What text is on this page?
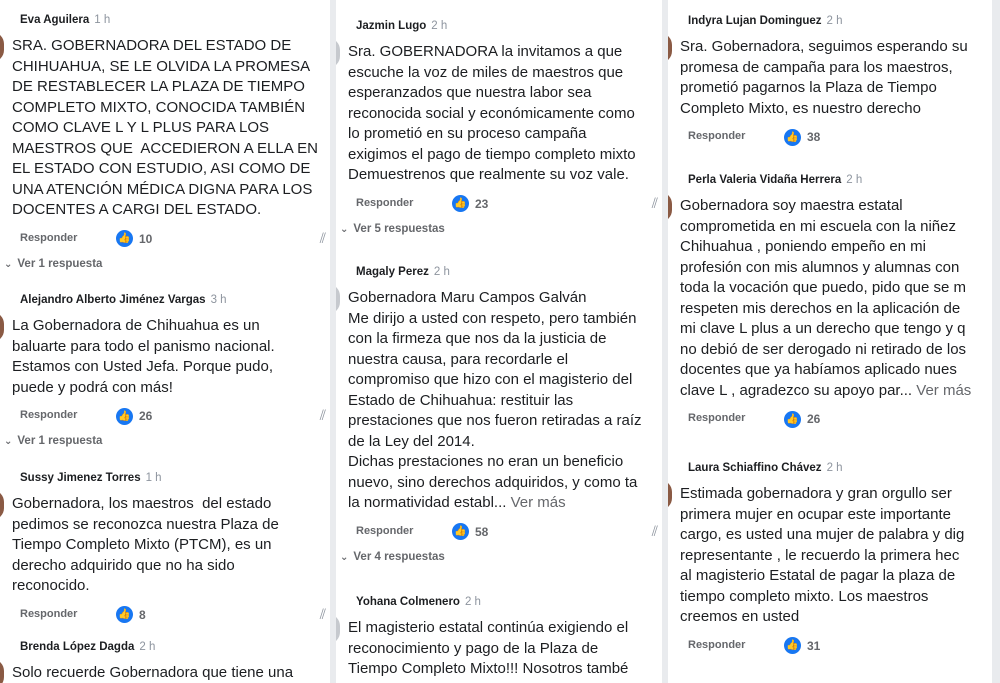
Eva Aguilera 1 h
SRA. GOBERNADORA DEL ESTADO DE
CHIHUAHUA, SE LE OLVIDA LA PROMESA
DE RESTABLECER LA PLAZA DE TIEMPO
COMPLETO MIXTO, CONOCIDA TAMBIÉN
COMO CLAVE L Y L PLUS PARA LOS
MAESTROS QUE  ACCEDIERON A ELLA EN
EL ESTADO CON ESTUDIO, ASI COMO DE
UNA ATENCIÓN MÉDICA DIGNA PARA LOS
DOCENTES A CARGI DEL ESTADO.
Responder	👍 10	⫽
⌄ Ver 1 respuesta
Alejandro Alberto Jiménez Vargas 3 h
La Gobernadora de Chihuahua es un
baluarte para todo el panismo nacional.
Estamos con Usted Jefa. Porque pudo,
puede y podrá con más!
Responder	👍 26	⫽
⌄ Ver 1 respuesta
Sussy Jimenez Torres 1 h
Gobernadora, los maestros  del estado
pedimos se reconozca nuestra Plaza de
Tiempo Completo Mixto (PTCM), es un
derecho adquirido que no ha sido
reconocido.
Responder	👍 8	⫽
Brenda López Dagda 2 h
Solo recuerde Gobernadora que tiene una
Jazmin Lugo 2 h
Sra. GOBERNADORA la invitamos a que
escuche la voz de miles de maestros que
esperanzados que nuestra labor sea
reconocida social y económicamente como
lo prometió en su proceso campaña
exigimos el pago de tiempo completo mixto
Demuestrenos que realmente su voz vale.
Responder	👍 23	⫽
⌄ Ver 5 respuestas
Magaly Perez 2 h
Gobernadora Maru Campos Galván
Me dirijo a usted con respeto, pero también
con la firmeza que nos da la justicia de
nuestra causa, para recordarle el
compromiso que hizo con el magisterio del
Estado de Chihuahua: restituir las
prestaciones que nos fueron retiradas a raíz
de la Ley del 2014.
Dichas prestaciones no eran un beneficio
nuevo, sino derechos adquiridos, y como ta
la normatividad establ... Ver más
Responder	👍 58	⫽
⌄ Ver 4 respuestas
Yohana Colmenero 2 h
El magisterio estatal continúa exigiendo el
reconocimiento y pago de la Plaza de
Tiempo Completo Mixto!!! Nosotros també
Indyra Lujan Dominguez 2 h
Sra. Gobernadora, seguimos esperando su
promesa de campaña para los maestros,
prometió pagarnos la Plaza de Tiempo
Completo Mixto, es nuestro derecho
Responder	👍 38
Perla Valeria Vidaña Herrera 2 h
Gobernadora soy maestra estatal
comprometida en mi escuela con la niñez
Chihuahua , poniendo empeño en mi
profesión con mis alumnos y alumnas con
toda la vocación que puedo, pido que se m
respeten mis derechos en la aplicación de
mi clave L plus a un derecho que tengo y q
no debió de ser derogado ni retirado de los
docentes que ya habíamos aplicado nues
clave L , agradezco su apoyo par... Ver más
Responder	👍 26
Laura Schiaffino Chávez 2 h
Estimada gobernadora y gran orgullo ser
primera mujer en ocupar este importante
cargo, es usted una mujer de palabra y dig
representante , le recuerdo la primera hec
al magisterio Estatal de pagar la plaza de
tiempo completo mixto. Los maestros
creemos en usted
Responder	👍 31
